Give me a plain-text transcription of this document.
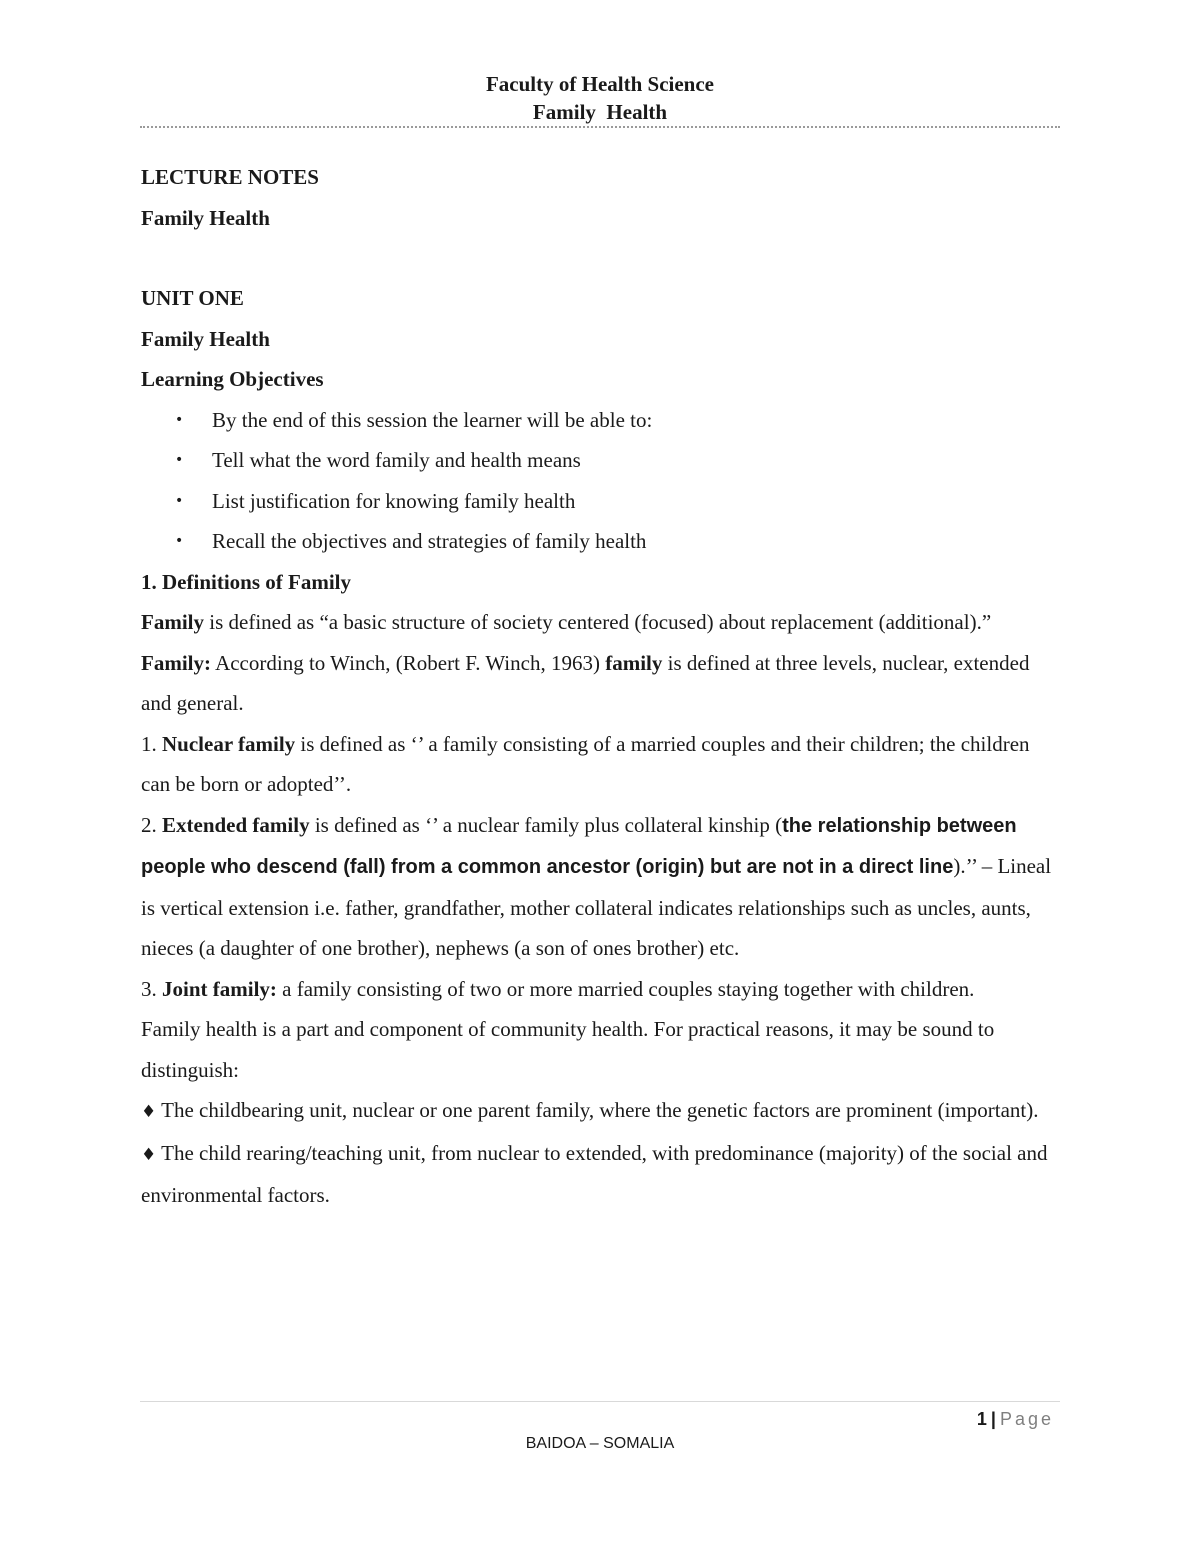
Faculty of Health Science
Family  Health
LECTURE NOTES
Family Health
UNIT ONE
Family Health
Learning Objectives
• By the end of this session the learner will be able to:
• Tell what the word family and health means
• List justification for knowing family health
• Recall the objectives and strategies of family health
1. Definitions of Family

Family is defined as “a basic structure of society centered (focused) about replacement (additional).”

Family: According to Winch, (Robert F. Winch, 1963) family is defined at three levels, nuclear, extended and general.

1. Nuclear family is defined as ‘’ a family consisting of a married couples and their children; the children can be born or adopted’’.

2. Extended family is defined as ‘’ a nuclear family plus collateral kinship (the relationship between people who descend (fall) from a common ancestor (origin) but are not in a direct line).’’ – Lineal is vertical extension i.e. father, grandfather, mother collateral indicates relationships such as uncles, aunts, nieces (a daughter of one brother), nephews (a son of ones brother) etc.

3. Joint family: a family consisting of two or more married couples staying together with children.

Family health is a part and component of community health. For practical reasons, it may be sound to distinguish:

♦ The childbearing unit, nuclear or one parent family, where the genetic factors are prominent (important).

♦ The child rearing/teaching unit, from nuclear to extended, with predominance (majority) of the social and environmental factors.

1 | Page
BAIDOA – SOMALIA
